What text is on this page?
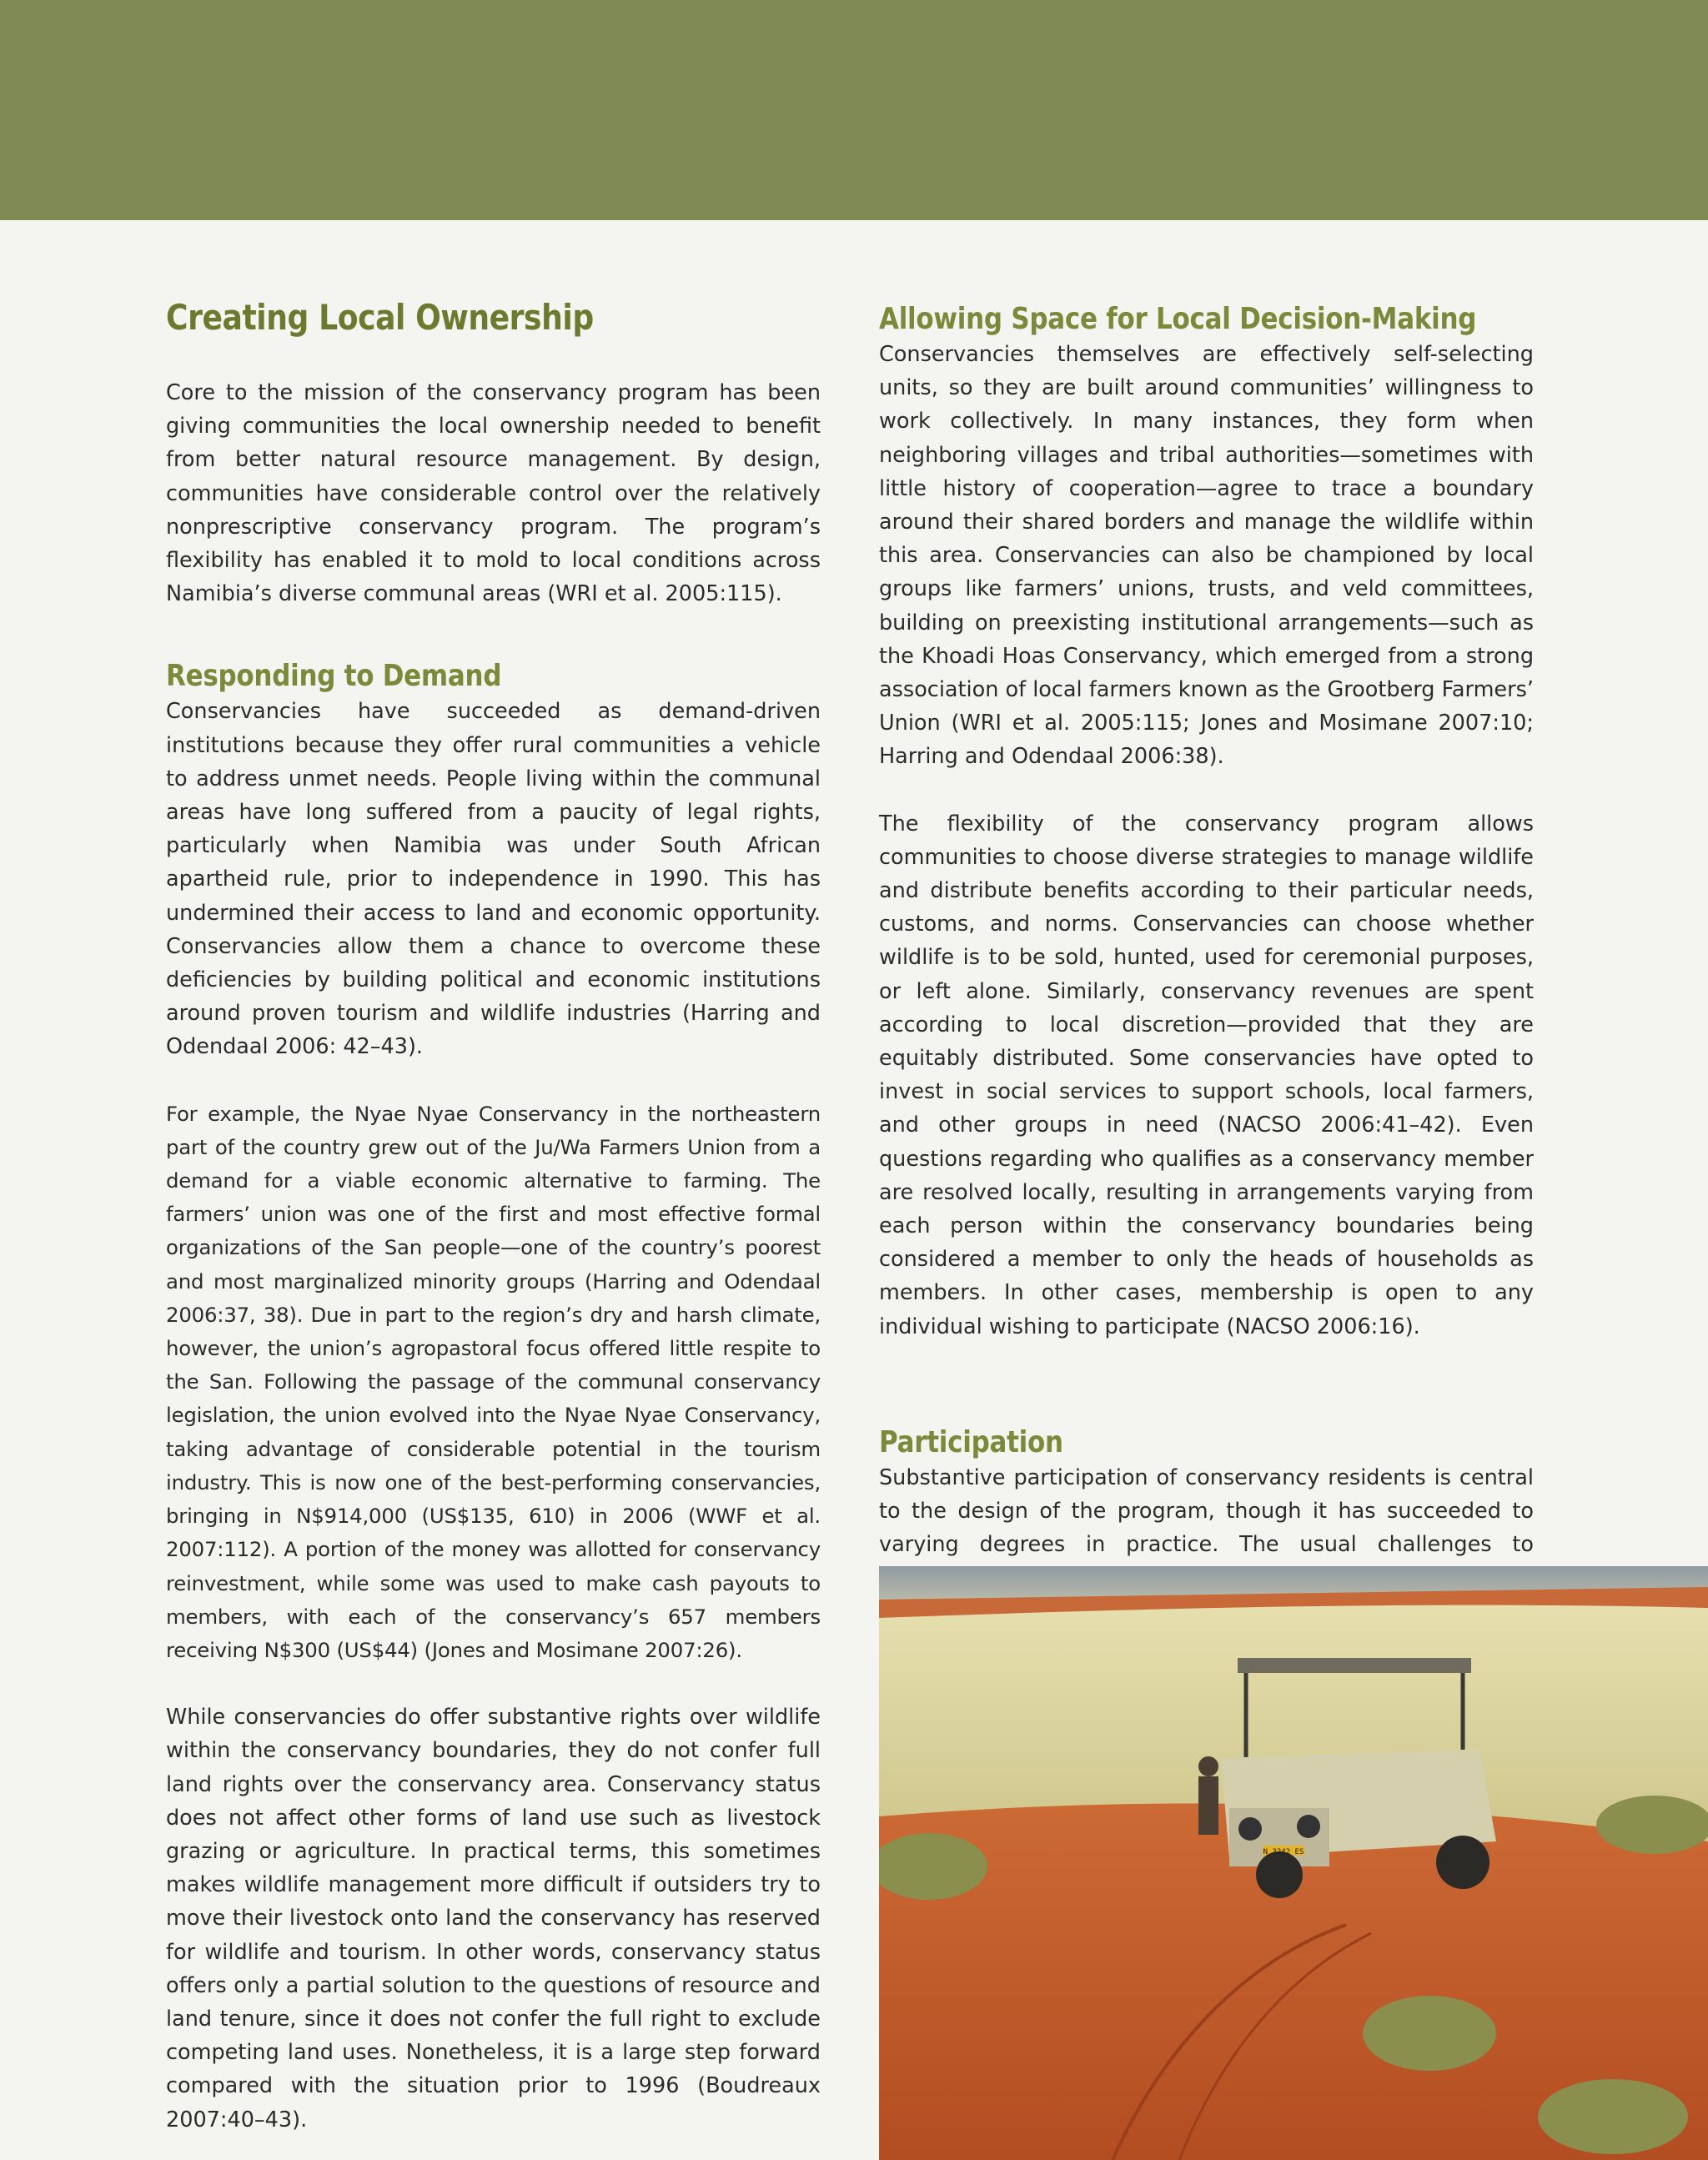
Creating Local Ownership

Core to the mission of the conservancy program has been giving communities the local ownership needed to benefit from better natural resource management. By design, communities have considerable control over the relatively nonprescriptive conservancy program. The program’s flexibility has enabled it to mold to local conditions across Namibia’s diverse communal areas (WRI et al. 2005:115).

Responding to Demand

Conservancies have succeeded as demand-driven institutions because they offer rural communities a vehicle to address unmet needs. People living within the communal areas have long suffered from a paucity of legal rights, particularly when Namibia was under South African apartheid rule, prior to independence in 1990. This has undermined their access to land and economic opportunity. Conservancies allow them a chance to overcome these deficiencies by building political and economic institutions around proven tourism and wildlife industries (Harring and Odendaal 2006: 42–43).

For example, the Nyae Nyae Conservancy in the northeastern part of the country grew out of the Ju/Wa Farmers Union from a demand for a viable economic alternative to farming. The farmers’ union was one of the first and most effective formal organizations of the San people—one of the country’s poorest and most marginalized minority groups (Harring and Odendaal 2006:37, 38). Due in part to the region’s dry and harsh climate, however, the union’s agropastoral focus offered little respite to the San. Following the passage of the communal conservancy legislation, the union evolved into the Nyae Nyae Conservancy, taking advantage of considerable potential in the tourism industry. This is now one of the best-performing conservancies, bringing in N$914,000 (US$135, 610) in 2006 (WWF et al. 2007:112). A portion of the money was allotted for conservancy reinvestment, while some was used to make cash payouts to members, with each of the conservancy’s 657 members receiving N$300 (US$44) (Jones and Mosimane 2007:26).

While conservancies do offer substantive rights over wildlife within the conservancy boundaries, they do not confer full land rights over the conservancy area. Conservancy status does not affect other forms of land use such as livestock grazing or agriculture. In practical terms, this sometimes makes wildlife management more difficult if outsiders try to move their livestock onto land the conservancy has reserved for wildlife and tourism. In other words, conservancy status offers only a partial solution to the questions of resource and land tenure, since it does not confer the full right to exclude competing land uses. Nonetheless, it is a large step forward compared with the situation prior to 1996 (Boudreaux 2007:40–43).

Allowing Space for Local Decision-Making

Conservancies themselves are effectively self-selecting units, so they are built around communities’ willingness to work collectively. In many instances, they form when neighboring villages and tribal authorities—sometimes with little history of cooperation—agree to trace a boundary around their shared borders and manage the wildlife within this area. Conservancies can also be championed by local groups like farmers’ unions, trusts, and veld committees, building on preexisting institutional arrangements—such as the Khoadi Hoas Conservancy, which emerged from a strong association of local farmers known as the Grootberg Farmers’ Union (WRI et al. 2005:115; Jones and Mosimane 2007:10; Harring and Odendaal 2006:38).

The flexibility of the conservancy program allows communities to choose diverse strategies to manage wildlife and distribute benefits according to their particular needs, customs, and norms. Conservancies can choose whether wildlife is to be sold, hunted, used for ceremonial purposes, or left alone. Similarly, conservancy revenues are spent according to local discretion—provided that they are equitably distributed. Some conservancies have opted to invest in social services to support schools, local farmers, and other groups in need (NACSO 2006:41–42). Even questions regarding who qualifies as a conservancy member are resolved locally, resulting in arrangements varying from each person within the conservancy boundaries being considered a member to only the heads of households as members. In other cases, membership is open to any individual wishing to participate (NACSO 2006:16).

Participation

Substantive participation of conservancy residents is central to the design of the program, though it has succeeded to varying degrees in practice. The usual challenges to

N 3242 ES
